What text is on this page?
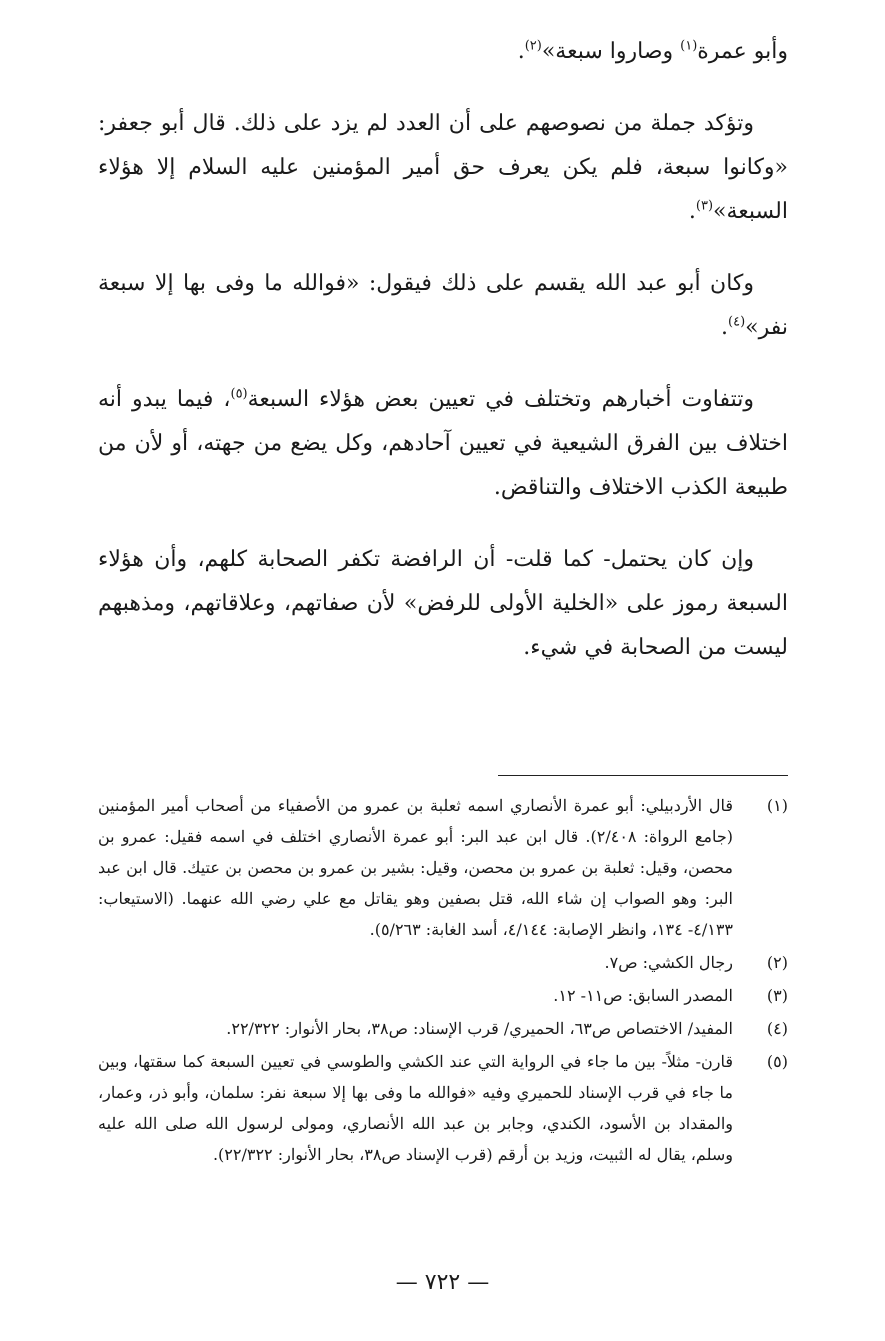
وأبو عمرة$^{(١)}$ وصاروا سبعة»$^{(٢)}$.

وتؤكد جملة من نصوصهم على أن العدد لم يزد على ذلك. قال أبو جعفر: «وكانوا سبعة، فلم يكن يعرف حق أمير المؤمنين عليه السلام إلا هؤلاء السبعة»$^{(٣)}$.

وكان أبو عبد الله يقسم على ذلك فيقول: «فوالله ما وفى بها إلا سبعة نفر»$^{(٤)}$.

وتتفاوت أخبارهم وتختلف في تعيين بعض هؤلاء السبعة$^{(٥)}$، فيما يبدو أنه اختلاف بين الفرق الشيعية في تعيين آحادهم، وكل يضع من جهته، أو لأن من طبيعة الكذب الاختلاف والتناقض.

وإن كان يحتمل- كما قلت- أن الرافضة تكفر الصحابة كلهم، وأن هؤلاء السبعة رموز على «الخلية الأولى للرفض» لأن صفاتهم، وعلاقاتهم، ومذهبهم ليست من الصحابة في شيء.

(١)
قال الأردبيلي: أبو عمرة الأنصاري اسمه ثعلبة بن عمرو من الأصفياء من أصحاب أمير المؤمنين (جامع الرواة: ٢/٤٠٨). قال ابن عبد البر: أبو عمرة الأنصاري اختلف في اسمه فقيل: عمرو بن محصن، وقيل: ثعلبة بن عمرو بن محصن، وقيل: بشير بن عمرو بن محصن بن عتيك. قال ابن عبد البر: وهو الصواب إن شاء الله، قتل بصفين وهو يقاتل مع علي رضي الله عنهما. (الاستيعاب: ٤/١٣٣- ١٣٤، وانظر الإصابة: ٤/١٤٤، أسد الغابة: ٥/٢٦٣).
(٢)
رجال الكشي: ص٧.
(٣)
المصدر السابق: ص١١- ١٢.
(٤)
المفيد/ الاختصاص ص٦٣، الحميري/ قرب الإسناد: ص٣٨، بحار الأنوار: ٢٢/٣٢٢.
(٥)
قارن- مثلاً- بين ما جاء في الرواية التي عند الكشي والطوسي في تعيين السبعة كما سقتها، وبين ما جاء في قرب الإسناد للحميري وفيه «فوالله ما وفى بها إلا سبعة نفر: سلمان، وأبو ذر، وعمار، والمقداد بن الأسود، الكندي، وجابر بن عبد الله الأنصاري، ومولى لرسول الله صلى الله عليه وسلم، يقال له الثبيت، وزيد بن أرقم (قرب الإسناد ص٣٨، بحار الأنوار: ٢٢/٣٢٢).
— ٧٢٢ —
